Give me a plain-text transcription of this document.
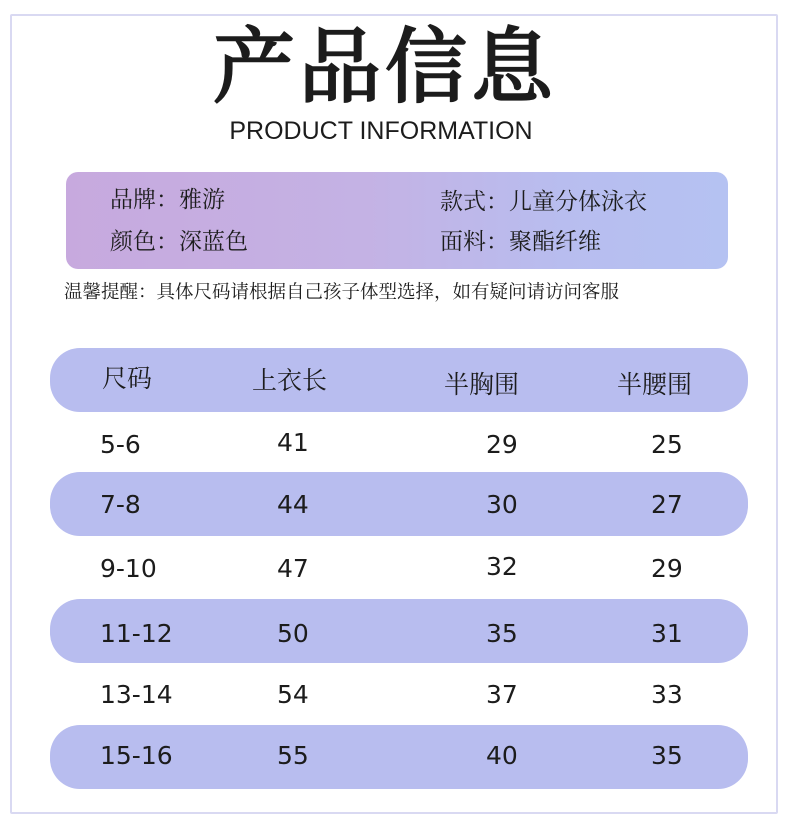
产品信息
PRODUCT INFORMATION
品牌：雅游	款式：儿童分体泳衣
颜色：深蓝色	面料：聚酯纤维
温馨提醒：具体尺码请根据自己孩子体型选择，如有疑问请访问客服
尺码	上衣长	半胸围	半腰围
5-6	41	29	25
7-8	44	30	27
9-10	47	32	29
11-12	50	35	31
13-14	54	37	33
15-16	55	40	35
